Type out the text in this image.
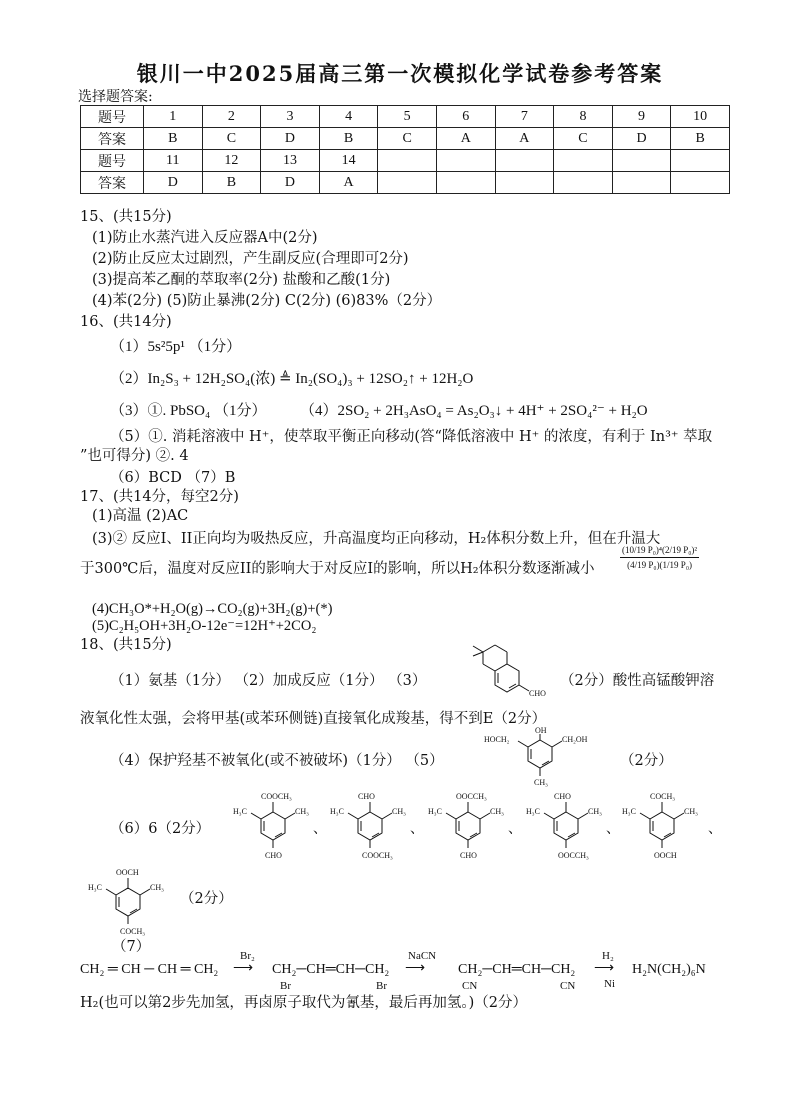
银川一中2025届高三第一次模拟化学试卷参考答案
选择题答案:
题号	1	2	3	4	5	6	7	8	9	10
答案	B	C	D	B	C	A	A	C	D	B
题号	11	12	13	14						
答案	D	B	D	A						
15、(共15分)
(1)防止水蒸汽进入反应器A中(2分)
(2)防止反应太过剧烈，产生副反应(合理即可2分)
(3)提高苯乙酮的萃取率(2分) 盐酸和乙酸(1分)
(4)苯(2分) (5)防止暴沸(2分) C(2分) (6)83%（2分）
16、(共14分)
（1）5s²5p¹ （1分）
（2）In₂S₃ + 12H₂SO₄(浓) ≜ In₂(SO₄)₃ + 12SO₂↑ + 12H₂O
（3）①. PbSO₄ （1分） （4）2SO₂ + 2H₃AsO₄ = As₂O₃↓ + 4H⁺ + 2SO₄²⁻ + H₂O
（5）①. 消耗溶液中 H⁺，使萃取平衡正向移动(答“降低溶液中 H⁺ 的浓度，有利于 In³⁺ 萃取
”也可得分) ②. 4
（6）BCD （7）B
17、(共14分，每空2分)
(1)高温 (2)AC
(3)② 反应I、II正向均为吸热反应，升高温度均正向移动，H₂体积分数上升，但在升温大
于300℃后，温度对反应II的影响大于对反应I的影响，所以H₂体积分数逐渐减小	$\frac{\text{(10/19 P₀)⁴(2/19 P₀)²}}{\text{(4/19 P₀)(1/19 P₀)}}$
(4)CH₃O*+H₂O(g)→CO₂(g)+3H₂(g)+(*)
(5)C₂H₅OH+3H₂O-12e⁻=12H⁺+2CO₂
18、(共15分)
（1）氨基（1分） （2）加成反应（1分） （3）
CHO
（2分）酸性高锰酸钾溶
液氧化性太强，会将甲基(或苯环侧链)直接氧化成羧基，得不到E（2分）
（4）保护羟基不被氧化(或不被破坏)（1分） （5）
OH
HOCH₂	CH₂OH
CH₃
（2分）
（6）6（2分）
COOCH₃
CHO
H₃C	CH₃
、
CHO
COOCH₃
H₃C	CH₃
、
OOCCH₃
CHO
H₃C	CH₃
、
CHO
OOCCH₃
H₃C	CH₃
、
COCH₃
OOCH
H₃C	CH₃
OOCH
COCH₃
H₃C	CH₃
、
（2分）
（7）
CH₂ ═ CH ─ CH ═ CH₂
Br₂
⟶ CH₂─CH═CH─CH₂
Br	Br
NaCN
⟶ CH₂─CH═CH─CH₂
CN	CN
H₂
⟶
Ni
H₂N(CH₂)₆N
H₂(也可以第2步先加氢，再卤原子取代为氰基，最后再加氢。)（2分）
